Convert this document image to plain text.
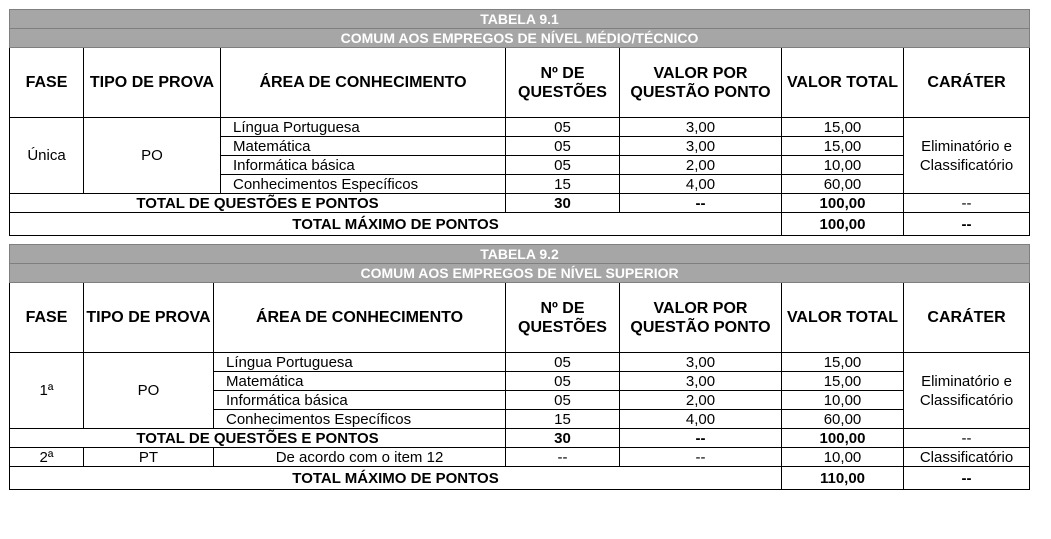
TABELA 9.1						
COMUM AOS EMPREGOS DE NÍVEL MÉDIO/TÉCNICO						
FASE	TIPO DE PROVA	ÁREA DE CONHECIMENTO	Nº DE QUESTÕES	VALOR POR QUESTÃO PONTO	VALOR TOTAL	CARÁTER
Única	PO	Língua Portuguesa	05	3,00	15,00	Eliminatório e Classificatório
		Matemática	05	3,00	15,00	
		Informática básica	05	2,00	10,00	
		Conhecimentos Específicos	15	4,00	60,00	
TOTAL DE QUESTÕES E PONTOS			30	--	100,00	--
TOTAL MÁXIMO DE PONTOS					100,00	--
TABELA 9.2						
COMUM AOS EMPREGOS DE NÍVEL SUPERIOR						
FASE	TIPO DE PROVA	ÁREA DE CONHECIMENTO	Nº DE QUESTÕES	VALOR POR QUESTÃO PONTO	VALOR TOTAL	CARÁTER
1ª	PO	Língua Portuguesa	05	3,00	15,00	Eliminatório e Classificatório
		Matemática	05	3,00	15,00	
		Informática básica	05	2,00	10,00	
		Conhecimentos Específicos	15	4,00	60,00	
TOTAL DE QUESTÕES E PONTOS			30	--	100,00	--
2ª	PT	De acordo com o item 12	--	--	10,00	Classificatório
TOTAL MÁXIMO DE PONTOS					110,00	--
